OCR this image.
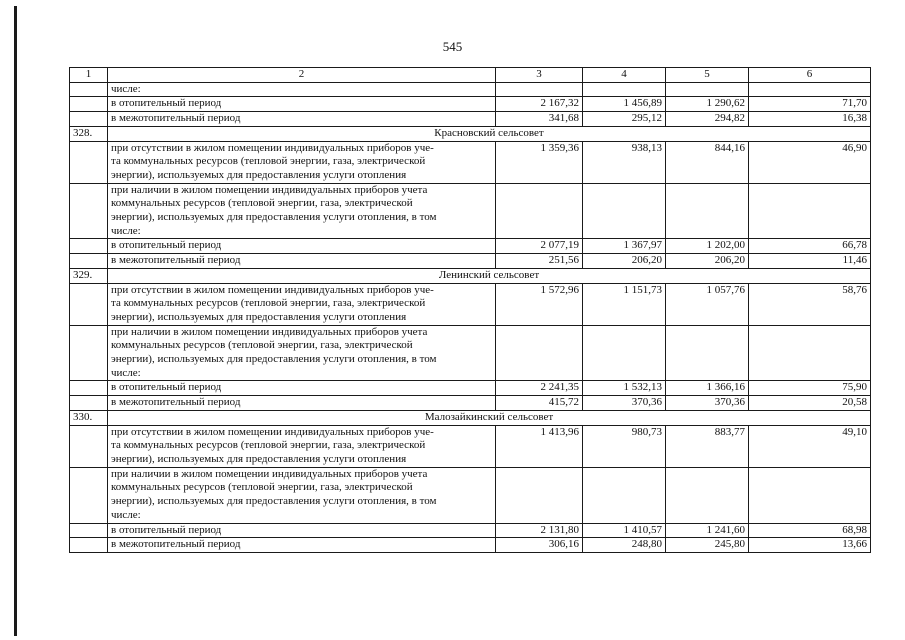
545
1	2	3	4	5	6
	числе:				
	в отопительный период	2 167,32	1 456,89	1 290,62	71,70
	в межотопительный период	341,68	295,12	294,82	16,38
328.	Красновский сельсовет				
	при отсутствии в жилом помещении индивидуальных приборов уче-
та коммунальных ресурсов (тепловой энергии, газа, электрической
энергии), используемых для предоставления услуги отопления	1 359,36	938,13	844,16	46,90
	при наличии в жилом помещении индивидуальных приборов учета
коммунальных ресурсов (тепловой энергии, газа, электрической
энергии), используемых для предоставления услуги отопления, в том
числе:				
	в отопительный период	2 077,19	1 367,97	1 202,00	66,78
	в межотопительный период	251,56	206,20	206,20	11,46
329.	Ленинский сельсовет				
	при отсутствии в жилом помещении индивидуальных приборов уче-
та коммунальных ресурсов (тепловой энергии, газа, электрической
энергии), используемых для предоставления услуги отопления	1 572,96	1 151,73	1 057,76	58,76
	при наличии в жилом помещении индивидуальных приборов учета
коммунальных ресурсов (тепловой энергии, газа, электрической
энергии), используемых для предоставления услуги отопления, в том
числе:				
	в отопительный период	2 241,35	1 532,13	1 366,16	75,90
	в межотопительный период	415,72	370,36	370,36	20,58
330.	Малозайкинский сельсовет				
	при отсутствии в жилом помещении индивидуальных приборов уче-
та коммунальных ресурсов (тепловой энергии, газа, электрической
энергии), используемых для предоставления услуги отопления	1 413,96	980,73	883,77	49,10
	при наличии в жилом помещении индивидуальных приборов учета
коммунальных ресурсов (тепловой энергии, газа, электрической
энергии), используемых для предоставления услуги отопления, в том
числе:				
	в отопительный период	2 131,80	1 410,57	1 241,60	68,98
	в межотопительный период	306,16	248,80	245,80	13,66
